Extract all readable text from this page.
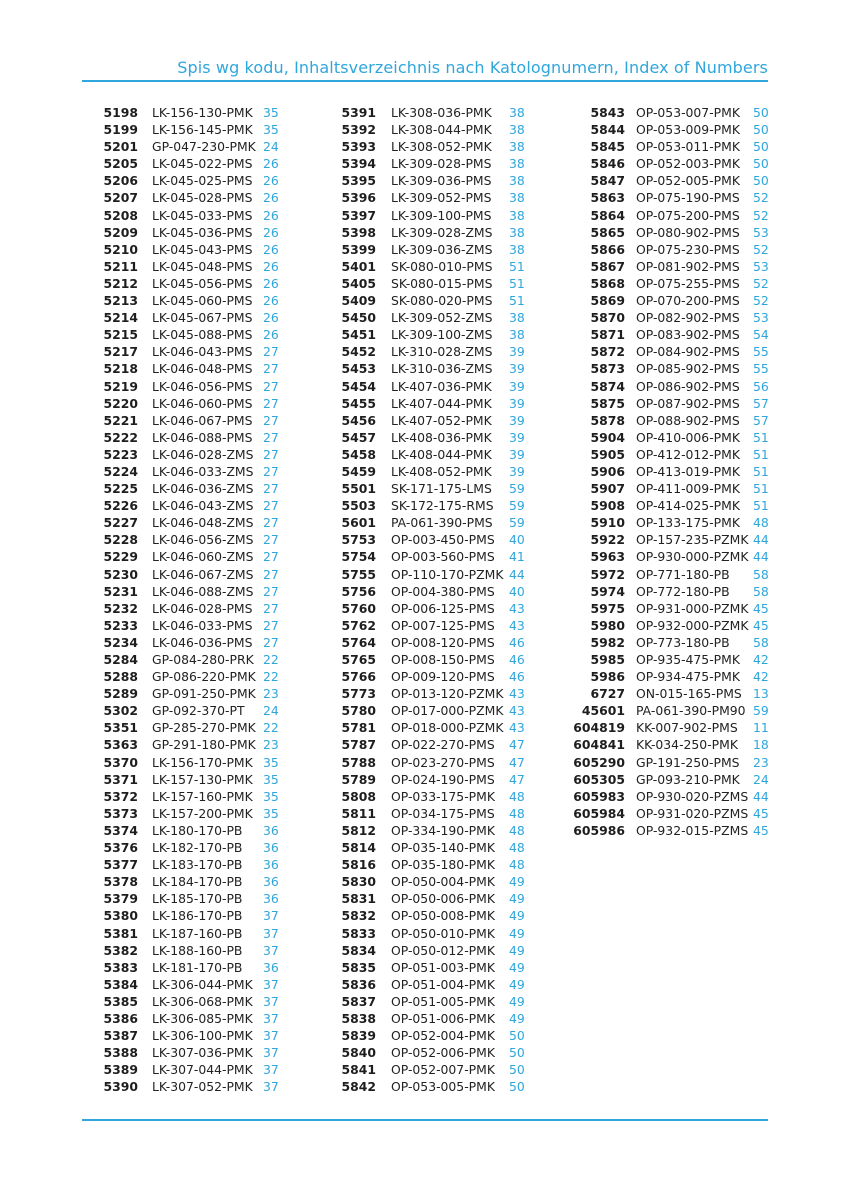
Spis wg kodu, Inhaltsverzeichnis nach Katolognumern, Index of Numbers
5198 LK-156-130-PMK 35
5199 LK-156-145-PMK 35
5201 GP-047-230-PMK 24
5205 LK-045-022-PMS 26
5206 LK-045-025-PMS 26
5207 LK-045-028-PMS 26
5208 LK-045-033-PMS 26
5209 LK-045-036-PMS 26
5210 LK-045-043-PMS 26
5211 LK-045-048-PMS 26
5212 LK-045-056-PMS 26
5213 LK-045-060-PMS 26
5214 LK-045-067-PMS 26
5215 LK-045-088-PMS 26
5217 LK-046-043-PMS 27
5218 LK-046-048-PMS 27
5219 LK-046-056-PMS 27
5220 LK-046-060-PMS 27
5221 LK-046-067-PMS 27
5222 LK-046-088-PMS 27
5223 LK-046-028-ZMS 27
5224 LK-046-033-ZMS 27
5225 LK-046-036-ZMS 27
5226 LK-046-043-ZMS 27
5227 LK-046-048-ZMS 27
5228 LK-046-056-ZMS 27
5229 LK-046-060-ZMS 27
5230 LK-046-067-ZMS 27
5231 LK-046-088-ZMS 27
5232 LK-046-028-PMS 27
5233 LK-046-033-PMS 27
5234 LK-046-036-PMS 27
5284 GP-084-280-PRK 22
5288 GP-086-220-PMK 22
5289 GP-091-250-PMK 23
5302 GP-092-370-PT 24
5351 GP-285-270-PMK 22
5363 GP-291-180-PMK 23
5370 LK-156-170-PMK 35
5371 LK-157-130-PMK 35
5372 LK-157-160-PMK 35
5373 LK-157-200-PMK 35
5374 LK-180-170-PB 36
5376 LK-182-170-PB 36
5377 LK-183-170-PB 36
5378 LK-184-170-PB 36
5379 LK-185-170-PB 36
5380 LK-186-170-PB 37
5381 LK-187-160-PB 37
5382 LK-188-160-PB 37
5383 LK-181-170-PB 36
5384 LK-306-044-PMK 37
5385 LK-306-068-PMK 37
5386 LK-306-085-PMK 37
5387 LK-306-100-PMK 37
5388 LK-307-036-PMK 37
5389 LK-307-044-PMK 37
5390 LK-307-052-PMK 37
5391 LK-308-036-PMK 38
5392 LK-308-044-PMK 38
5393 LK-308-052-PMK 38
5394 LK-309-028-PMS 38
5395 LK-309-036-PMS 38
5396 LK-309-052-PMS 38
5397 LK-309-100-PMS 38
5398 LK-309-028-ZMS 38
5399 LK-309-036-ZMS 38
5401 SK-080-010-PMS 51
5405 SK-080-015-PMS 51
5409 SK-080-020-PMS 51
5450 LK-309-052-ZMS 38
5451 LK-309-100-ZMS 38
5452 LK-310-028-ZMS 39
5453 LK-310-036-ZMS 39
5454 LK-407-036-PMK 39
5455 LK-407-044-PMK 39
5456 LK-407-052-PMK 39
5457 LK-408-036-PMK 39
5458 LK-408-044-PMK 39
5459 LK-408-052-PMK 39
5501 SK-171-175-LMS 59
5503 SK-172-175-RMS 59
5601 PA-061-390-PMS 59
5753 OP-003-450-PMS 40
5754 OP-003-560-PMS 41
5755 OP-110-170-PZMK 44
5756 OP-004-380-PMS 40
5760 OP-006-125-PMS 43
5762 OP-007-125-PMS 43
5764 OP-008-120-PMS 46
5765 OP-008-150-PMS 46
5766 OP-009-120-PMS 46
5773 OP-013-120-PZMK 43
5780 OP-017-000-PZMK 43
5781 OP-018-000-PZMK 43
5787 OP-022-270-PMS 47
5788 OP-023-270-PMS 47
5789 OP-024-190-PMS 47
5808 OP-033-175-PMK 48
5811 OP-034-175-PMS 48
5812 OP-334-190-PMK 48
5814 OP-035-140-PMK 48
5816 OP-035-180-PMK 48
5830 OP-050-004-PMK 49
5831 OP-050-006-PMK 49
5832 OP-050-008-PMK 49
5833 OP-050-010-PMK 49
5834 OP-050-012-PMK 49
5835 OP-051-003-PMK 49
5836 OP-051-004-PMK 49
5837 OP-051-005-PMK 49
5838 OP-051-006-PMK 49
5839 OP-052-004-PMK 50
5840 OP-052-006-PMK 50
5841 OP-052-007-PMK 50
5842 OP-053-005-PMK 50
5843 OP-053-007-PMK 50
5844 OP-053-009-PMK 50
5845 OP-053-011-PMK 50
5846 OP-052-003-PMK 50
5847 OP-052-005-PMK 50
5863 OP-075-190-PMS 52
5864 OP-075-200-PMS 52
5865 OP-080-902-PMS 53
5866 OP-075-230-PMS 52
5867 OP-081-902-PMS 53
5868 OP-075-255-PMS 52
5869 OP-070-200-PMS 52
5870 OP-082-902-PMS 53
5871 OP-083-902-PMS 54
5872 OP-084-902-PMS 55
5873 OP-085-902-PMS 55
5874 OP-086-902-PMS 56
5875 OP-087-902-PMS 57
5878 OP-088-902-PMS 57
5904 OP-410-006-PMK 51
5905 OP-412-012-PMK 51
5906 OP-413-019-PMK 51
5907 OP-411-009-PMK 51
5908 OP-414-025-PMK 51
5910 OP-133-175-PMK 48
5922 OP-157-235-PZMK 44
5963 OP-930-000-PZMK 44
5972 OP-771-180-PB 58
5974 OP-772-180-PB 58
5975 OP-931-000-PZMK 45
5980 OP-932-000-PZMK 45
5982 OP-773-180-PB 58
5985 OP-935-475-PMK 42
5986 OP-934-475-PMK 42
6727 ON-015-165-PMS 13
45601 PA-061-390-PM90 59
604819 KK-007-902-PMS 11
604841 KK-034-250-PMK 18
605290 GP-191-250-PMS 23
605305 GP-093-210-PMK 24
605983 OP-930-020-PZMS 44
605984 OP-931-020-PZMS 45
605986 OP-932-015-PZMS 45
